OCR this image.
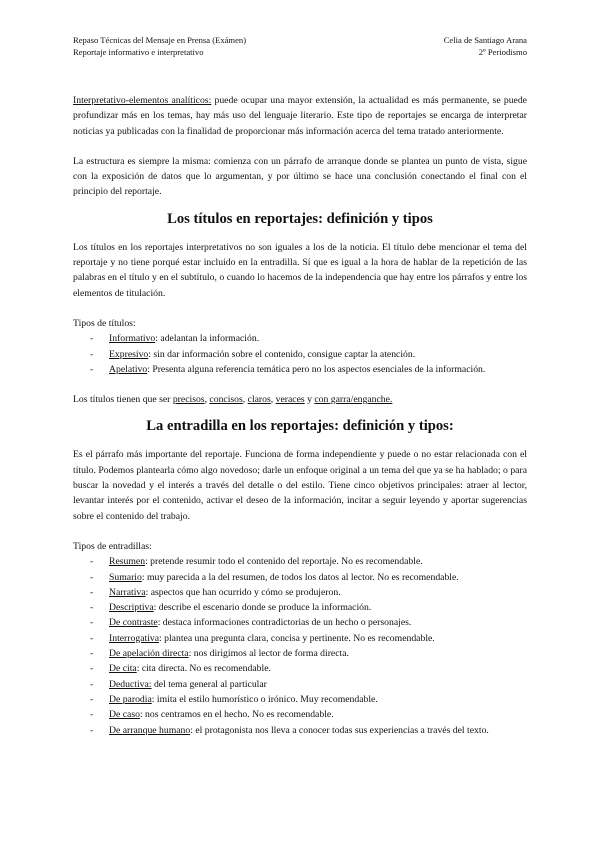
Repaso Técnicas del Mensaje en Prensa (Exámen)
Reportaje informativo e interpretativo
Celia de Santiago Arana
2º Periodismo

Interpretativo-elementos analíticos: puede ocupar una mayor extensión, la actualidad es más permanente, se puede profundizar más en los temas, hay más uso del lenguaje literario. Este tipo de reportajes se encarga de interpretar noticias ya publicadas con la finalidad de proporcionar más información acerca del tema tratado anteriormente.

La estructura es siempre la misma: comienza con un párrafo de arranque donde se plantea un punto de vista, sigue con la exposición de datos que lo argumentan, y por último se hace una conclusión conectando el final con el principio del reportaje.

Los títulos en reportajes: definición y tipos

Los títulos en los reportajes interpretativos no son iguales a los de la noticia. El título debe mencionar el tema del reportaje y no tiene porqué estar incluido en la entradilla. Sí que es igual a la hora de hablar de la repetición de las palabras en el título y en el subtítulo, o cuando lo hacemos de la independencia que hay entre los párrafos y entre los elementos de titulación.

Tipos de títulos:

- Informativo: adelantan la información.
- Expresivo: sin dar información sobre el contenido, consigue captar la atención.
- Apelativo: Presenta alguna referencia temática pero no los aspectos esenciales de la información.

Los títulos tienen que ser precisos, concisos, claros, veraces y con garra/enganche.

La entradilla en los reportajes: definición y tipos:

Es el párrafo más importante del reportaje. Funciona de forma independiente y puede o no estar relacionada con el título. Podemos plantearla cómo algo novedoso; darle un enfoque original a un tema del que ya se ha hablado; o para buscar la novedad y el interés a través del detalle o del estilo. Tiene cinco objetivos principales: atraer al lector, levantar interés por el contenido, activar el deseo de la información, incitar a seguir leyendo y aportar sugerencias sobre el contenido del trabajo.

Tipos de entradillas:

- Resumen: pretende resumir todo el contenido del reportaje. No es recomendable.
- Sumario: muy parecida a la del resumen, de todos los datos al lector. No es recomendable.
- Narrativa: aspectos que han ocurrido y cómo se produjeron.
- Descriptiva: describe el escenario donde se produce la información.
- De contraste: destaca informaciones contradictorias de un hecho o personajes.
- Interrogativa: plantea una pregunta clara, concisa y pertinente. No es recomendable.
- De apelación directa: nos dirigimos al lector de forma directa.
- De cita: cita directa. No es recomendable.
- Deductiva: del tema general al particular
- De parodia: imita el estilo humorístico o irónico. Muy recomendable.
- De caso: nos centramos en el hecho. No es recomendable.
- De arranque humano: el protagonista nos lleva a conocer todas sus experiencias a través del texto.
